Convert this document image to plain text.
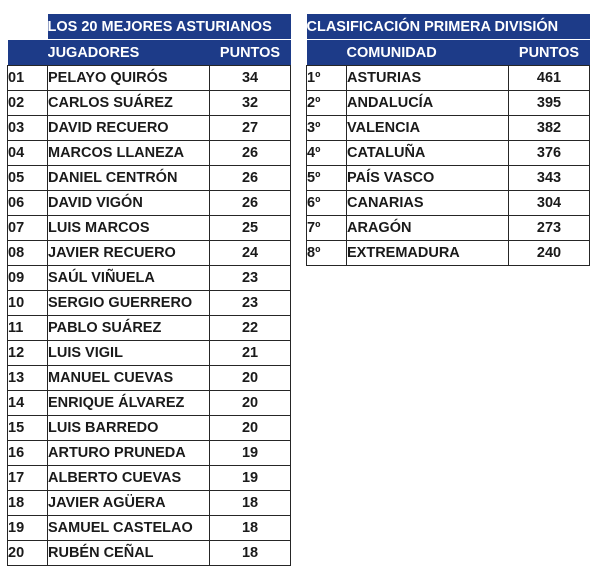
	LOS 20 MEJORES ASTURIANOS	
	JUGADORES	PUNTOS
01	PELAYO QUIRÓS	34
02	CARLOS SUÁREZ	32
03	DAVID RECUERO	27
04	MARCOS LLANEZA	26
05	DANIEL CENTRÓN	26
06	DAVID VIGÓN	26
07	LUIS MARCOS	25
08	JAVIER RECUERO	24
09	SAÚL VIÑUELA	23
10	SERGIO GUERRERO	23
11	PABLO SUÁREZ	22
12	LUIS VIGIL	21
13	MANUEL CUEVAS	20
14	ENRIQUE ÁLVAREZ	20
15	LUIS BARREDO	20
16	ARTURO PRUNEDA	19
17	ALBERTO CUEVAS	19
18	JAVIER AGÜERA	18
19	SAMUEL CASTELAO	18
20	RUBÉN CEÑAL	18
CLASIFICACIÓN PRIMERA DIVISIÓN		
	COMUNIDAD	PUNTOS
1º	ASTURIAS	461
2º	ANDALUCÍA	395
3º	VALENCIA	382
4º	CATALUÑA	376
5º	PAÍS VASCO	343
6º	CANARIAS	304
7º	ARAGÓN	273
8º	EXTREMADURA	240
